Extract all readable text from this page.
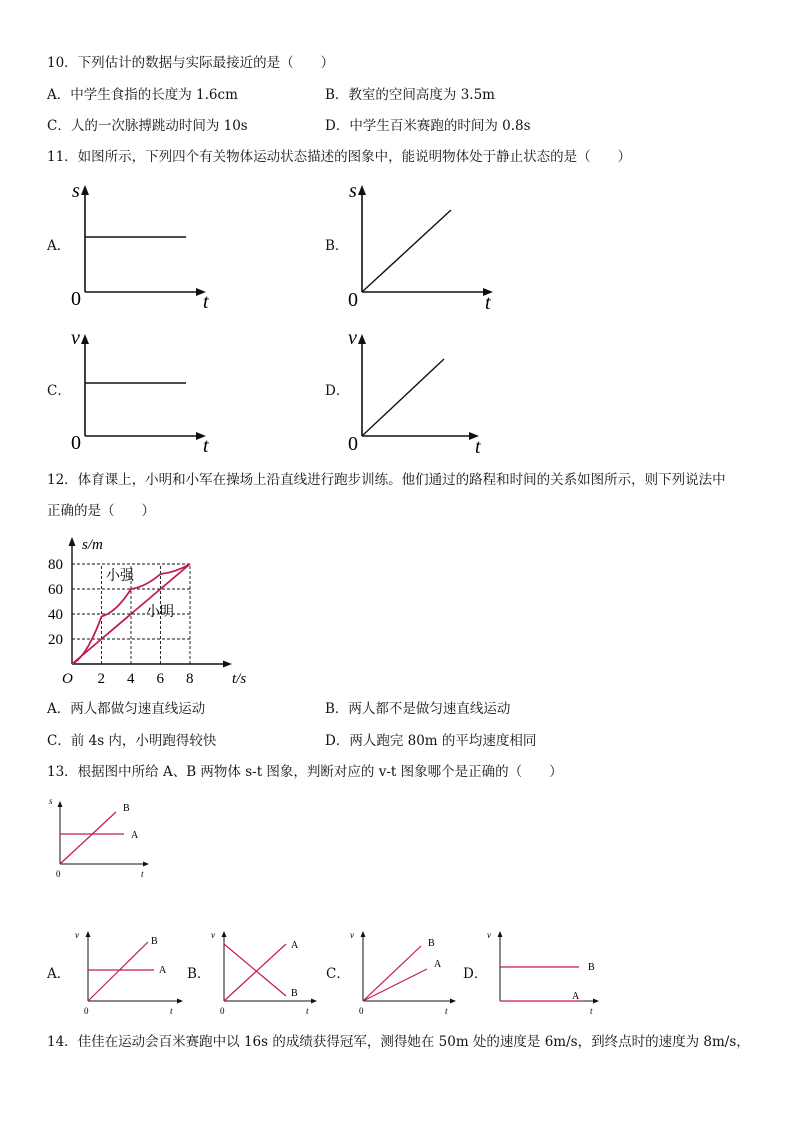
10．下列估计的数据与实际最接近的是（　　）
A．中学生食指的长度为 1.6cm	B．教室的空间高度为 3.5m
C．人的一次脉搏跳动时间为 10s	D．中学生百米赛跑的时间为 0.8s
11．如图所示，下列四个有关物体运动状态描述的图象中，能说明物体处于静止状态的是（　　）
A．
s
t
0
B．
s
t
0
C．
v
t
0
D．
v
t
0
12．体育课上，小明和小军在操场上沿直线进行跑步训练。他们通过的路程和时间的关系如图所示，则下列说法中
正确的是（　　）
20
40
60
80
2 4 6 8
s/m
t/s
O
小强
小明
A．两人都做匀速直线运动	B．两人都不是做匀速直线运动
C．前 4s 内，小明跑得较快	D．两人跑完 80m 的平均速度相同
13．根据图中所给 A、B 两物体 s-t 图象，判断对应的 v-t 图象哪个是正确的（　　）
B
A
s
t
0
A．
B
A
v
t
0
B．
A
B
v
t
0
C．
B
A
v
t
0
D．	B
A
v
t
14．佳佳在运动会百米赛跑中以 16s 的成绩获得冠军，测得她在 50m 处的速度是 6m/s，到终点时的速度为 8m/s，
